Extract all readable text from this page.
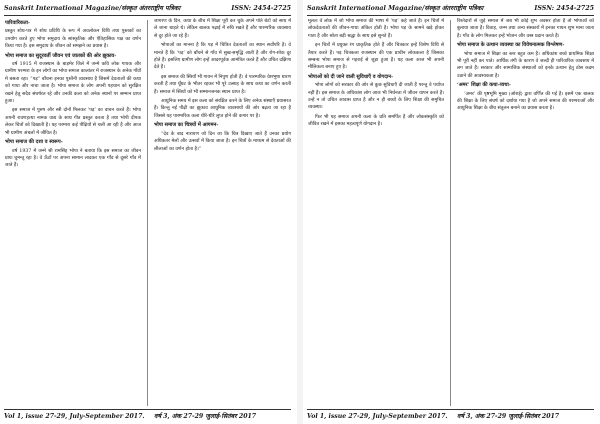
Sanskrit International Magazine/संस्कृत अंतरराष्ट्रीय पत्रिका	ISSN: 2454-2725
पारिवारिकता-

प्रस्तुत शोध-पत्र में शोध प्रविधि के रूप में अवलोकन विधि तथा पुस्तकों का उपयोग करते हुए भोपा समुदाय के सांस्कृतिक और ऐतिहासिक पक्ष का वर्णन किया गया है। इस समुदाय के जीवन को समझने का प्रयास है।

भोपा समाज का सुदूरवर्ती जीवन एवं जातकों की ओर झुकाव-

वर्ष 1915 में राजस्थान के बाड़मेर जिले में जन्मे कवि लोक गायक और ग्रामीण परम्परा के इन लोगों का भोपा समाज कालांतर में राजस्थान के अनेक गाँवों में बसता रहा। “पड़” बाँचना इनका पुश्तैनी व्यवसाय है जिसमें देवताओं की कथा को गाया और नाचा जाता है। भोपा समाज के लोग अपनी पहचान को सुरक्षित रखने हेतु सदैव संघर्षरत रहे और उनकी कला को अनेक स्थानों पर सम्मान प्राप्त हुआ।

इस समाज में पुरुष और स्त्री दोनों मिलकर ‘पड़’ का वाचन करते हैं। भोपा अपनी रावणहत्था नामक वाद्य के साथ गीत प्रस्तुत करता है तथा भोपी दीपक लेकर चित्रों को दिखाती है। यह परम्परा कई पीढ़ियों से चली आ रही है और आज भी ग्रामीण अंचलों में जीवित है।

भोपा समाज की दशा व स्वरूप-

वर्ष 1937 में जन्मे श्री रामसिंह भोपा ने बताया कि इस समाज का जीवन प्रायः घुमन्तू रहा है। वे ऊँटों पर अपना सामान लादकर एक गाँव से दूसरे गाँव में जाते हैं।

जागरण के दिन, कथा के बीच में शिक्षा पूरी कर चुके अपने पोते बेटों को साथ में ले जाना चाहते थे। लेकिन बालक पढ़ाई में रुचि रखते हैं और पारम्परिक व्यवसाय से दूर होते जा रहे हैं।

भोपाओं का मानना है कि पड़ में चित्रित देवताओं का स्थान सर्वोपरि है। वे मानते हैं कि ‘पड़’ को बाँचने से गाँव में सुख-समृद्धि आती है और रोग-शोक दूर होते हैं। इसलिए ग्रामीण लोग इन्हें आदरपूर्वक आमंत्रित करते हैं और उचित दक्षिणा देते हैं।

इस समाज की स्त्रियाँ भी गायन में निपुण होती हैं। वे पारम्परिक वेशभूषा धारण करती हैं तथा घूँघट के भीतर रहकर भी पूरे उत्साह के साथ कथा का वर्णन करती हैं। समाज में स्त्रियों को भी सम्मानजनक स्थान प्राप्त है।

आधुनिक समय में इस कला को संरक्षित करने के लिए अनेक संस्थाएँ प्रयासरत हैं। किन्तु नई पीढ़ी का झुकाव आधुनिक व्यवसायों की ओर बढ़ता जा रहा है जिससे यह पारम्परिक कला धीरे-धीरे लुप्त होने की कगार पर है।

भोपा समाज का चित्रयों में आगमन-

“देव के बाद नारायण जो दिन जा कि चित्र दिखाए जाते हैं उनका प्रयोग अधिकतर मेलों और उत्सवों में किया जाता है। इन चित्रों के माध्यम से देवताओं की लीलाओं का वर्णन होता है।”

Vol 1, issue 27-29, July-September 2017. वर्ष 3, अंक 27-29 जुलाई-सितंबर 2017
Sanskrit International Magazine/संस्कृत अंतरराष्ट्रीय पत्रिका	ISSN: 2454-2725

मूलतः वे लोक में जो भोपा समाज की भाषा में ‘पड़’ कहे जाते हैं। इन चित्रों में लोकदेवताओं की जीवन-गाथा अंकित होती है। भोपा पड़ के सामने खड़े होकर गाता है और श्रोता बड़ी श्रद्धा के साथ इसे सुनते हैं।

इन चित्रों में प्रयुक्त रंग प्राकृतिक होते हैं और चित्रकार इन्हें विशेष विधि से तैयार करते हैं। पड़ चित्रकला राजस्थान की एक प्राचीन लोककला है जिसका सम्बन्ध भोपा समाज से गहराई से जुड़ा हुआ है। यह कला आज भी अपनी मौलिकता बनाए हुए है।

भोपाओं को दी जाने वाली सुविधाएँ व योगदान-

भोपा लोगों को सरकार की ओर से कुछ सुविधाएँ दी जाती हैं परन्तु वे पर्याप्त नहीं हैं। इस समाज के अधिकांश लोग आज भी निर्धनता में जीवन यापन करते हैं। उन्हें न तो उचित आवास प्राप्त है और न ही बच्चों के लिए शिक्षा की समुचित व्यवस्था।

फिर भी यह समाज अपनी कला के प्रति समर्पित है और लोकसंस्कृति को जीवित रखने में इसका महत्वपूर्ण योगदान है।

रिश्तेदारों से जुड़े समाज में जब भी कोई शुभ अवसर होता है तो भोपाओं को बुलाया जाता है। विवाह, जन्म तथा अन्य संस्कारों में इनका गायन शुभ माना जाता है। गाँव के लोग मिलकर इन्हें भोजन और वस्त्र प्रदान करते हैं।

भोपा समाज के उत्थान व्यवस्था का विवेचनात्मक विश्लेषण-

भोपा समाज में शिक्षा का स्तर बहुत कम है। अधिकांश बच्चे प्राथमिक शिक्षा भी पूरी नहीं कर पाते। आर्थिक तंगी के कारण वे जल्दी ही पारिवारिक व्यवसाय में लग जाते हैं। सरकार और सामाजिक संस्थाओं को इनके उत्थान हेतु ठोस कदम उठाने की आवश्यकता है।

‘अमर’ शिक्षा की कथा-व्यथा-

‘अमर’ की पृष्ठभूमि मुख्य (ओराई) द्वारा वर्णित की गई है। इसमें एक बालक की शिक्षा के लिए संघर्ष को दर्शाया गया है जो अपने समाज की परम्पराओं और आधुनिक शिक्षा के बीच संतुलन बनाने का प्रयास करता है।

Vol 1, issue 27-29, July-September 2017. वर्ष 3, अंक 27-29 जुलाई-सितंबर 2017
